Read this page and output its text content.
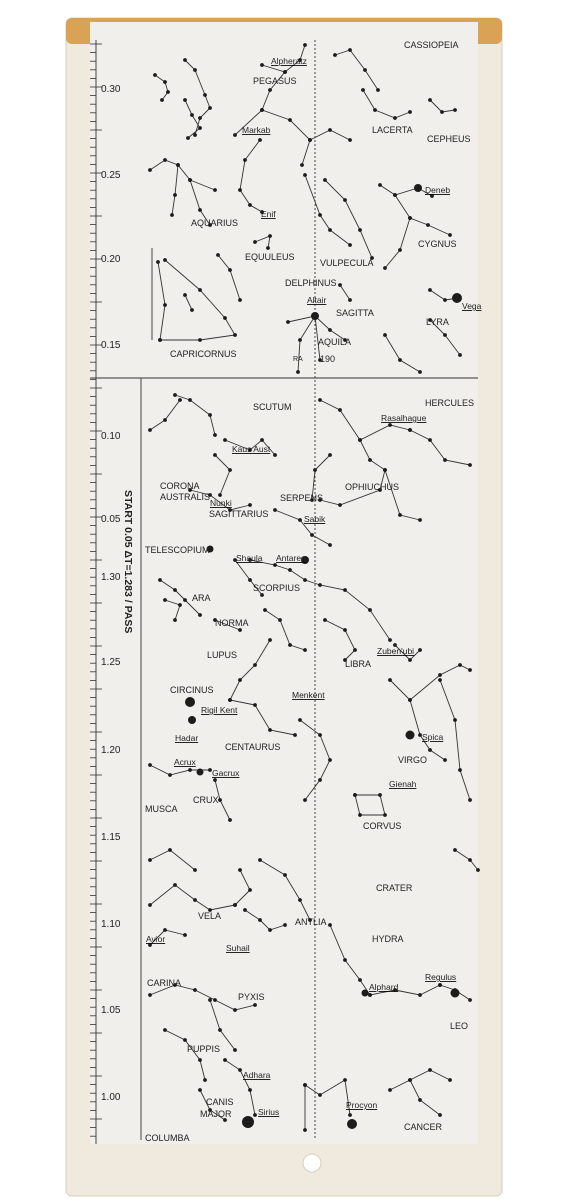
0.30
0.25
0.20
0.15
0.10
0.05
1.30
1.25
1.20
1.15
1.10
1.05
1.00
START 0.05 ΔT=1.283 / PASS
CASSIOPEIA
PEGASUS
LACERTA
CEPHEUS
AQUARIUS
EQUULEUS
VULPECULA
CYGNUS
DELPHINUS
SAGITTA
LYRA
CAPRICORNUS
AQUILA
SCUTUM	HERCULES
CORONA
AUSTRALIS
SAGITTARIUS
SERPENS
OPHIUCHUS
TELESCOPIUM
SCORPIUS
ARA
NORMA
LUPUS
LIBRA
CIRCINUS
CENTAURUS
VIRGO
MUSCA
CRUX
CORVUS
CRATER
VELA
ANTLIA
HYDRA
CARINA
PYXIS
LEO
PUPPIS
CANIS
MAJOR
CANCER
COLUMBA
RA 190
Alpheratz
Markab
Enif
Deneb
Vega
Altair
Rasalhague
Kaus Aust
Nunki
Sabik
Shaula Antares
Zuben'ubi
Menkent
Rigil Kent
Hadar	Spica
Acrux
Gacrux
Gienah
Avior
Suhail
Regulus
Alphard
Adhara
Sirius
Procyon
